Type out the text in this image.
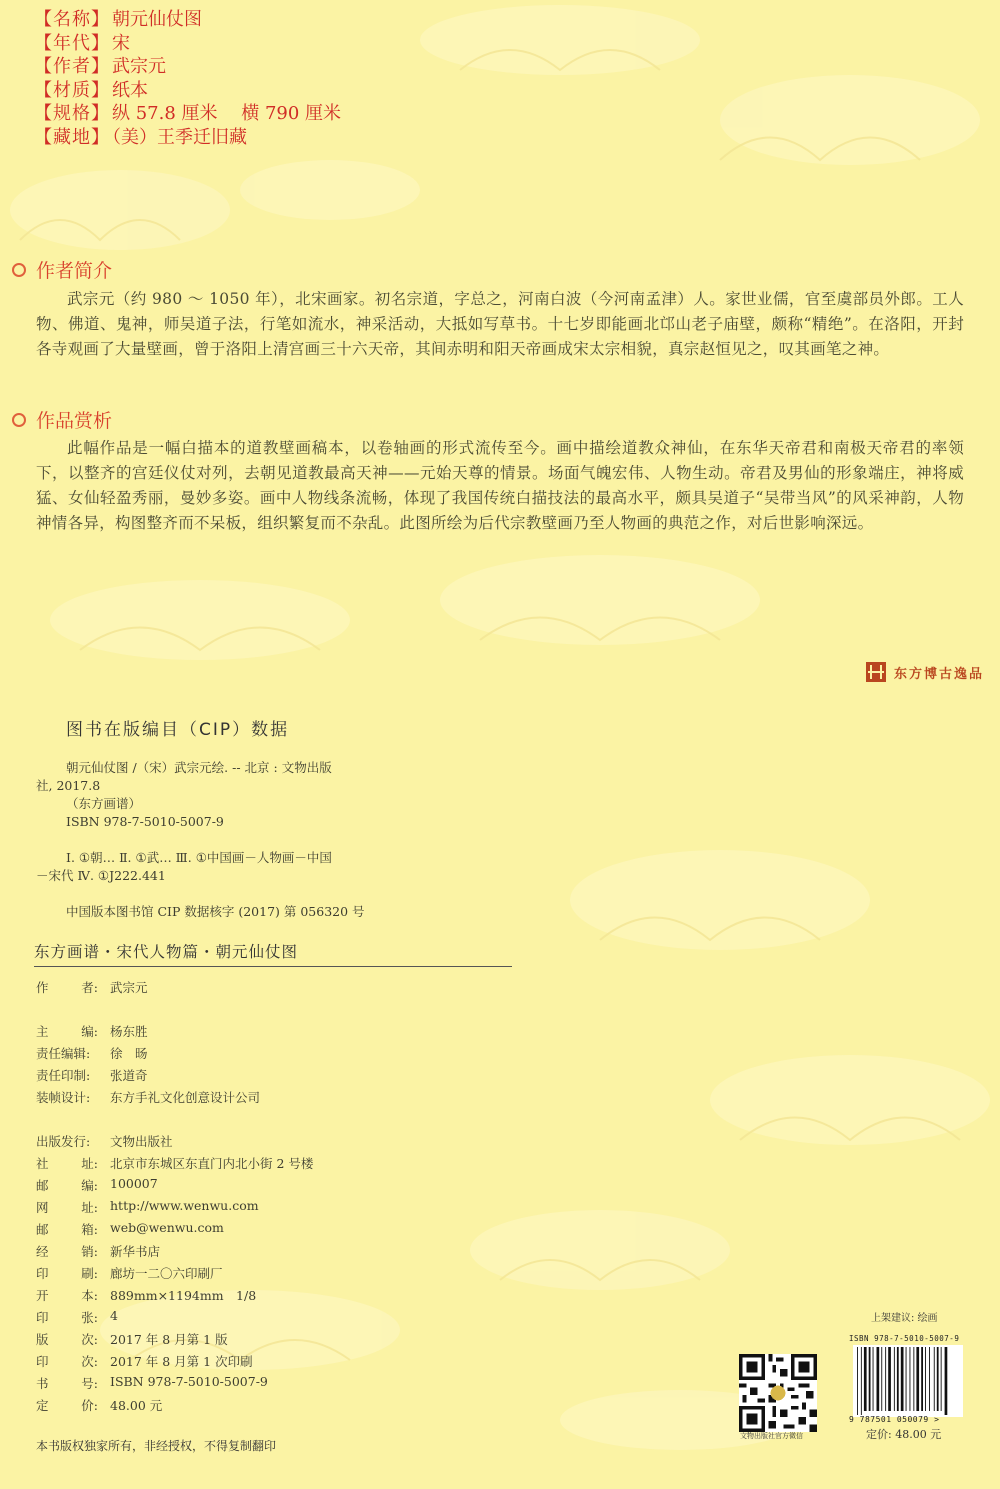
【名称】 朝元仙仗图
【年代】 宋
【作者】 武宗元
【材质】 纸本
【规格】 纵 57.8 厘米　 横 790 厘米
【藏地】 （美）王季迁旧藏
作者简介
武宗元（约 980 ～ 1050 年），北宋画家。初名宗道，字总之，河南白波（今河南孟津）人。家世业儒，官至虞部员外郎。工人物、佛道、鬼神，师吴道子法，行笔如流水，神采活动，大抵如写草书。十七岁即能画北邙山老子庙壁，颇称“精绝”。在洛阳，开封各寺观画了大量壁画，曾于洛阳上清宫画三十六天帝，其间赤明和阳天帝画成宋太宗相貌，真宗赵恒见之，叹其画笔之神。
作品赏析
此幅作品是一幅白描本的道教壁画稿本，以卷轴画的形式流传至今。画中描绘道教众神仙，在东华天帝君和南极天帝君的率领下，以整齐的宫廷仪仗对列，去朝见道教最高天神——元始天尊的情景。场面气魄宏伟、人物生动。帝君及男仙的形象端庄，神将威猛、女仙轻盈秀丽，曼妙多姿。画中人物线条流畅，体现了我国传统白描技法的最高水平，颇具吴道子“吴带当风”的风采神韵，人物神情各异，构图整齐而不呆板，组织繁复而不杂乱。此图所绘为后代宗教壁画乃至人物画的典范之作，对后世影响深远。
东方博古逸品
图书在版编目（CIP）数据
朝元仙仗图 /（宋）武宗元绘. -- 北京 : 文物出版
社, 2017.8
（东方画谱）
ISBN 978-7-5010-5007-9
Ⅰ. ①朝… Ⅱ. ①武… Ⅲ. ①中国画－人物画－中国
－宋代 Ⅳ. ①J222.441
中国版本图书馆 CIP 数据核字 (2017) 第 056320 号
东方画谱・宋代人物篇・朝元仙仗图
作	者: 武宗元
主	编: 杨东胜
责任编辑: 徐　旸
责任印制: 张道奇
装帧设计: 东方手礼文化创意设计公司
出版发行: 文物出版社
社	址: 北京市东城区东直门内北小街 2 号楼
邮	编: 100007
网	址: http://www.wenwu.com
邮	箱: web@wenwu.com
经	销: 新华书店
印	刷: 廊坊一二〇六印刷厂
开	本: 889mm×1194mm　1/8
印	张: 4
版	次: 2017 年 8 月第 1 版
印	次: 2017 年 8 月第 1 次印刷
书	号: ISBN 978-7-5010-5007-9
定	价: 48.00 元
本书版权独家所有，非经授权，不得复制翻印
文物出版社官方微信
上架建议: 绘画
ISBN 978-7-5010-5007-9
9 787501 050079 >
定价: 48.00 元
